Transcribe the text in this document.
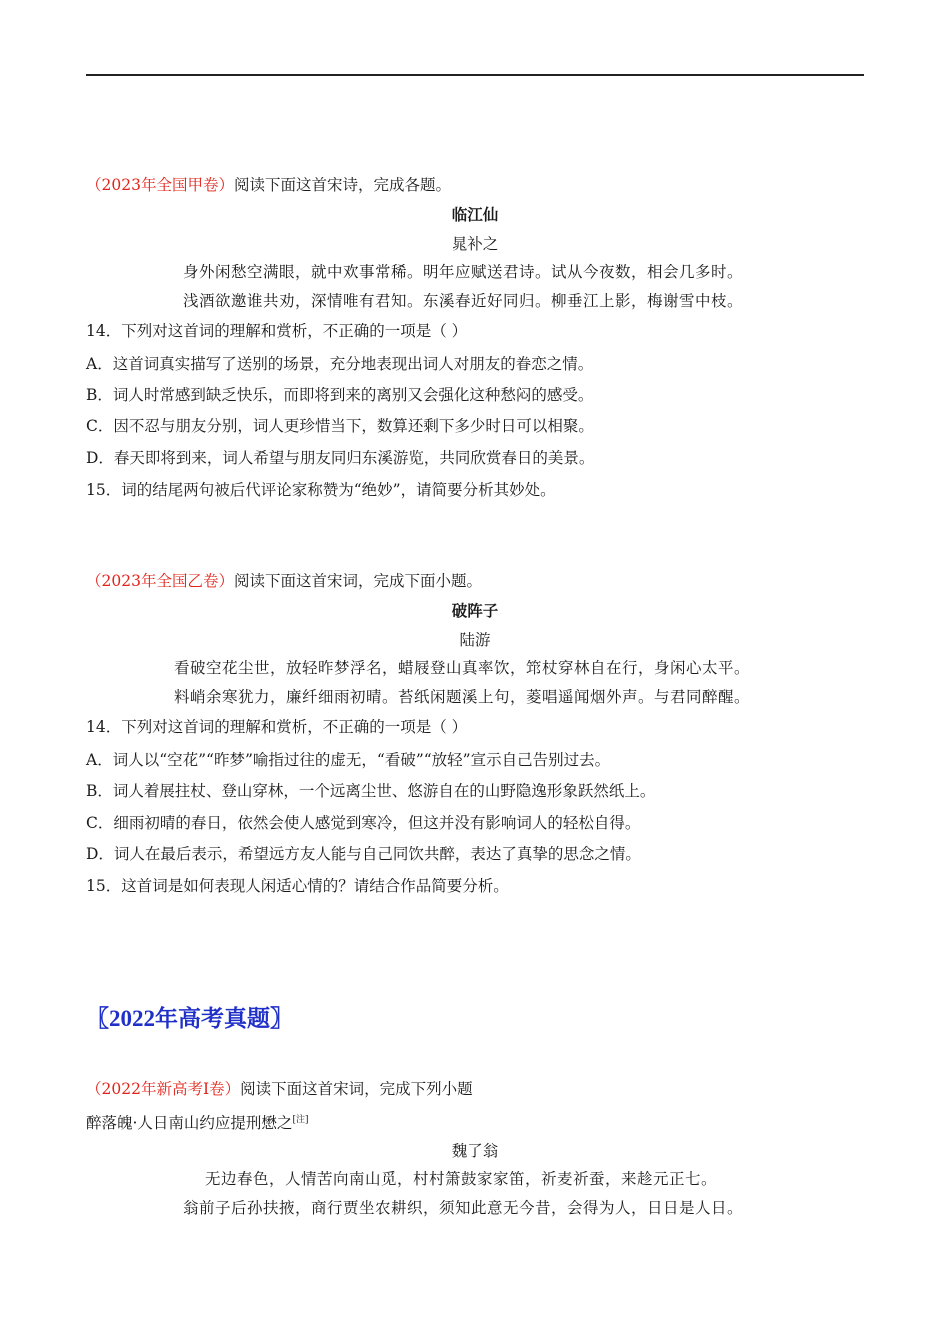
（2023年全国甲卷）阅读下面这首宋诗，完成各题。
临江仙
晁补之
身外闲愁空满眼，就中欢事常稀。明年应赋送君诗。试从今夜数，相会几多时。
浅酒欲邀谁共劝，深情唯有君知。东溪春近好同归。柳垂江上影，梅谢雪中枝。
14．下列对这首词的理解和赏析，不正确的一项是（ ）
A．这首词真实描写了送别的场景，充分地表现出词人对朋友的眷恋之情。
B．词人时常感到缺乏快乐，而即将到来的离别又会强化这种愁闷的感受。
C．因不忍与朋友分别，词人更珍惜当下，数算还剩下多少时日可以相聚。
D．春天即将到来，词人希望与朋友同归东溪游览，共同欣赏春日的美景。
15．词的结尾两句被后代评论家称赞为“绝妙”，请简要分析其妙处。
（2023年全国乙卷）阅读下面这首宋词，完成下面小题。
破阵子
陆游
看破空花尘世，放轻昨梦浮名，蜡屐登山真率饮，筇杖穿林自在行，身闲心太平。
料峭余寒犹力，廉纤细雨初晴。苔纸闲题溪上句，菱唱遥闻烟外声。与君同醉醒。
14．下列对这首词的理解和赏析，不正确的一项是（ ）
A．词人以“空花”“昨梦”喻指过往的虚无，“看破”“放轻”宣示自己告别过去。
B．词人着展拄杖、登山穿林，一个远离尘世、悠游自在的山野隐逸形象跃然纸上。
C．细雨初晴的春日，依然会使人感觉到寒冷，但这并没有影响词人的轻松自得。
D．词人在最后表示，希望远方友人能与自己同饮共醉，表达了真挚的思念之情。
15．这首词是如何表现人闲适心情的？请结合作品简要分析。
〖2022年高考真题〗
（2022年新高考Ⅰ卷）阅读下面这首宋词，完成下列小题
醉落魄·人日南山约应提刑懋之[注]
魏了翁
无边春色，人情苦向南山觅，村村箫鼓家家笛，祈麦祈蚕，来趁元正七。
翁前子后孙扶掖，商行贾坐农耕织，须知此意无今昔，会得为人，日日是人日。
